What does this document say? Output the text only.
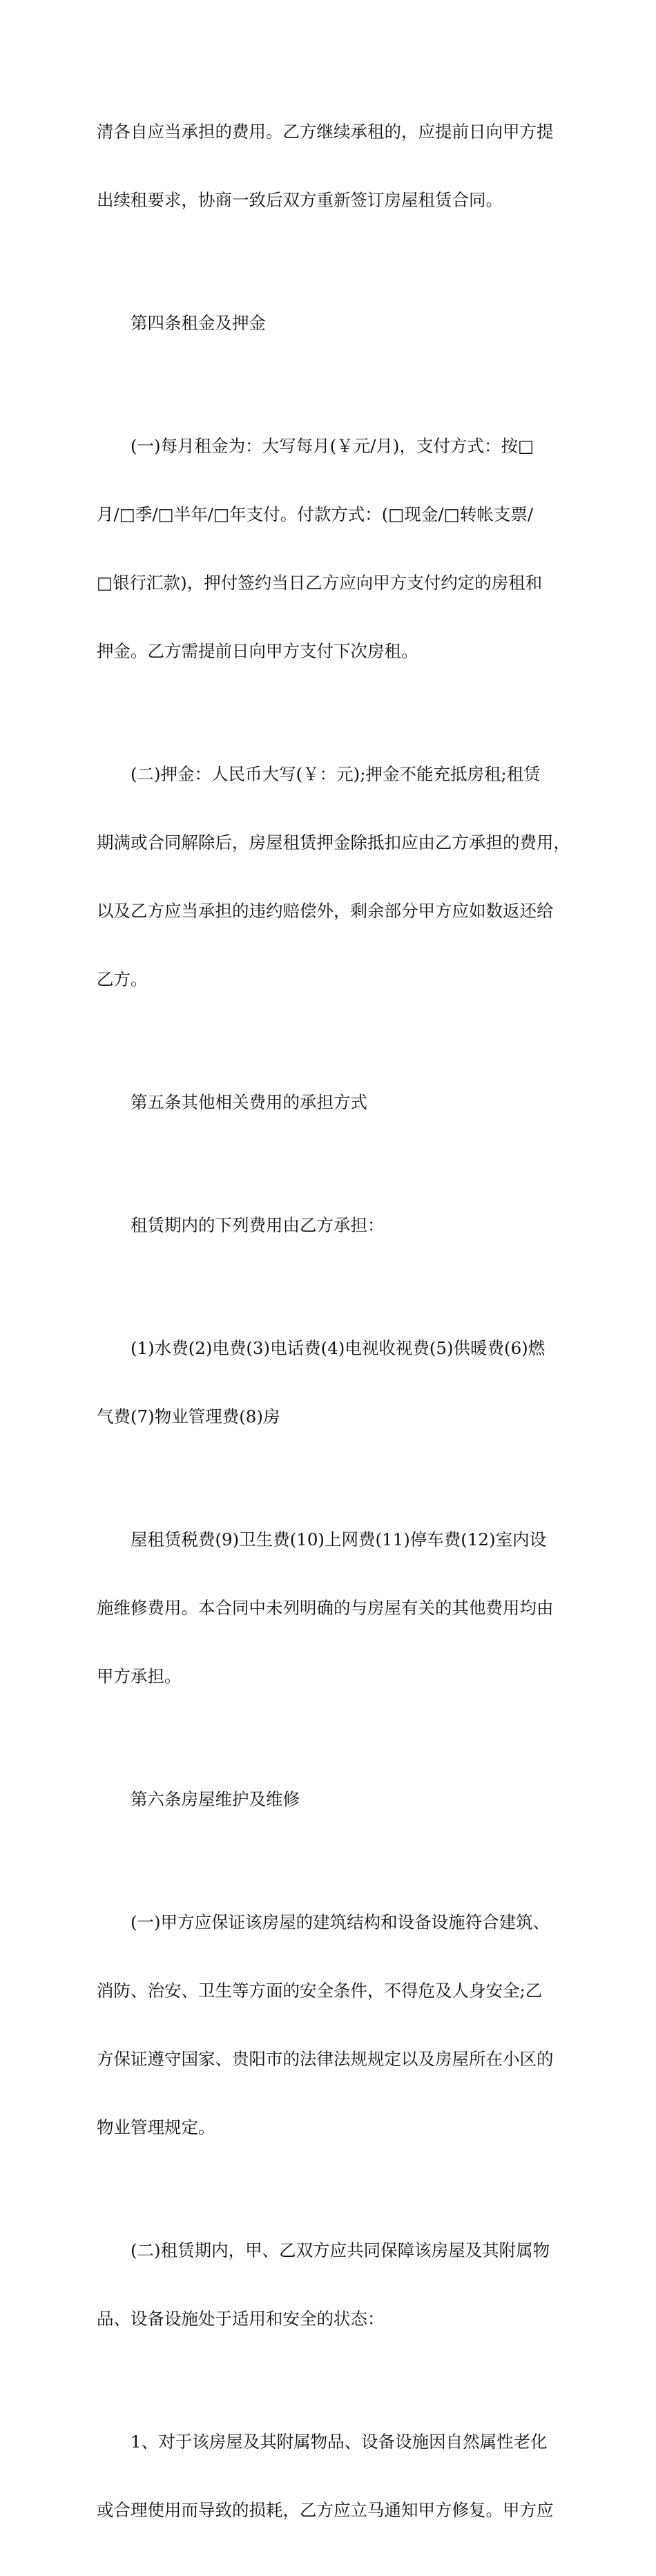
清各自应当承担的费用。乙方继续承租的，应提前日向甲方提

出续租要求，协商一致后双方重新签订房屋租赁合同。

　　第四条租金及押金

　　(一)每月租金为：大写每月(￥元/月)，支付方式：按□

月/□季/□半年/□年支付。付款方式：(□现金/□转帐支票/

□银行汇款)，押付签约当日乙方应向甲方支付约定的房租和

押金。乙方需提前日向甲方支付下次房租。

　　(二)押金：人民币大写(￥：元);押金不能充抵房租;租赁

期满或合同解除后，房屋租赁押金除抵扣应由乙方承担的费用，

以及乙方应当承担的违约赔偿外，剩余部分甲方应如数返还给

乙方。

　　第五条其他相关费用的承担方式

　　租赁期内的下列费用由乙方承担：

　　(1)水费(2)电费(3)电话费(4)电视收视费(5)供暖费(6)燃

气费(7)物业管理费(8)房

　　屋租赁税费(9)卫生费(10)上网费(11)停车费(12)室内设

施维修费用。本合同中未列明确的与房屋有关的其他费用均由

甲方承担。

　　第六条房屋维护及维修

　　(一)甲方应保证该房屋的建筑结构和设备设施符合建筑、

消防、治安、卫生等方面的安全条件，不得危及人身安全;乙

方保证遵守国家、贵阳市的法律法规规定以及房屋所在小区的

物业管理规定。

　　(二)租赁期内，甲、乙双方应共同保障该房屋及其附属物

品、设备设施处于适用和安全的状态：

　　1、对于该房屋及其附属物品、设备设施因自然属性老化

或合理使用而导致的损耗，乙方应立马通知甲方修复。甲方应
